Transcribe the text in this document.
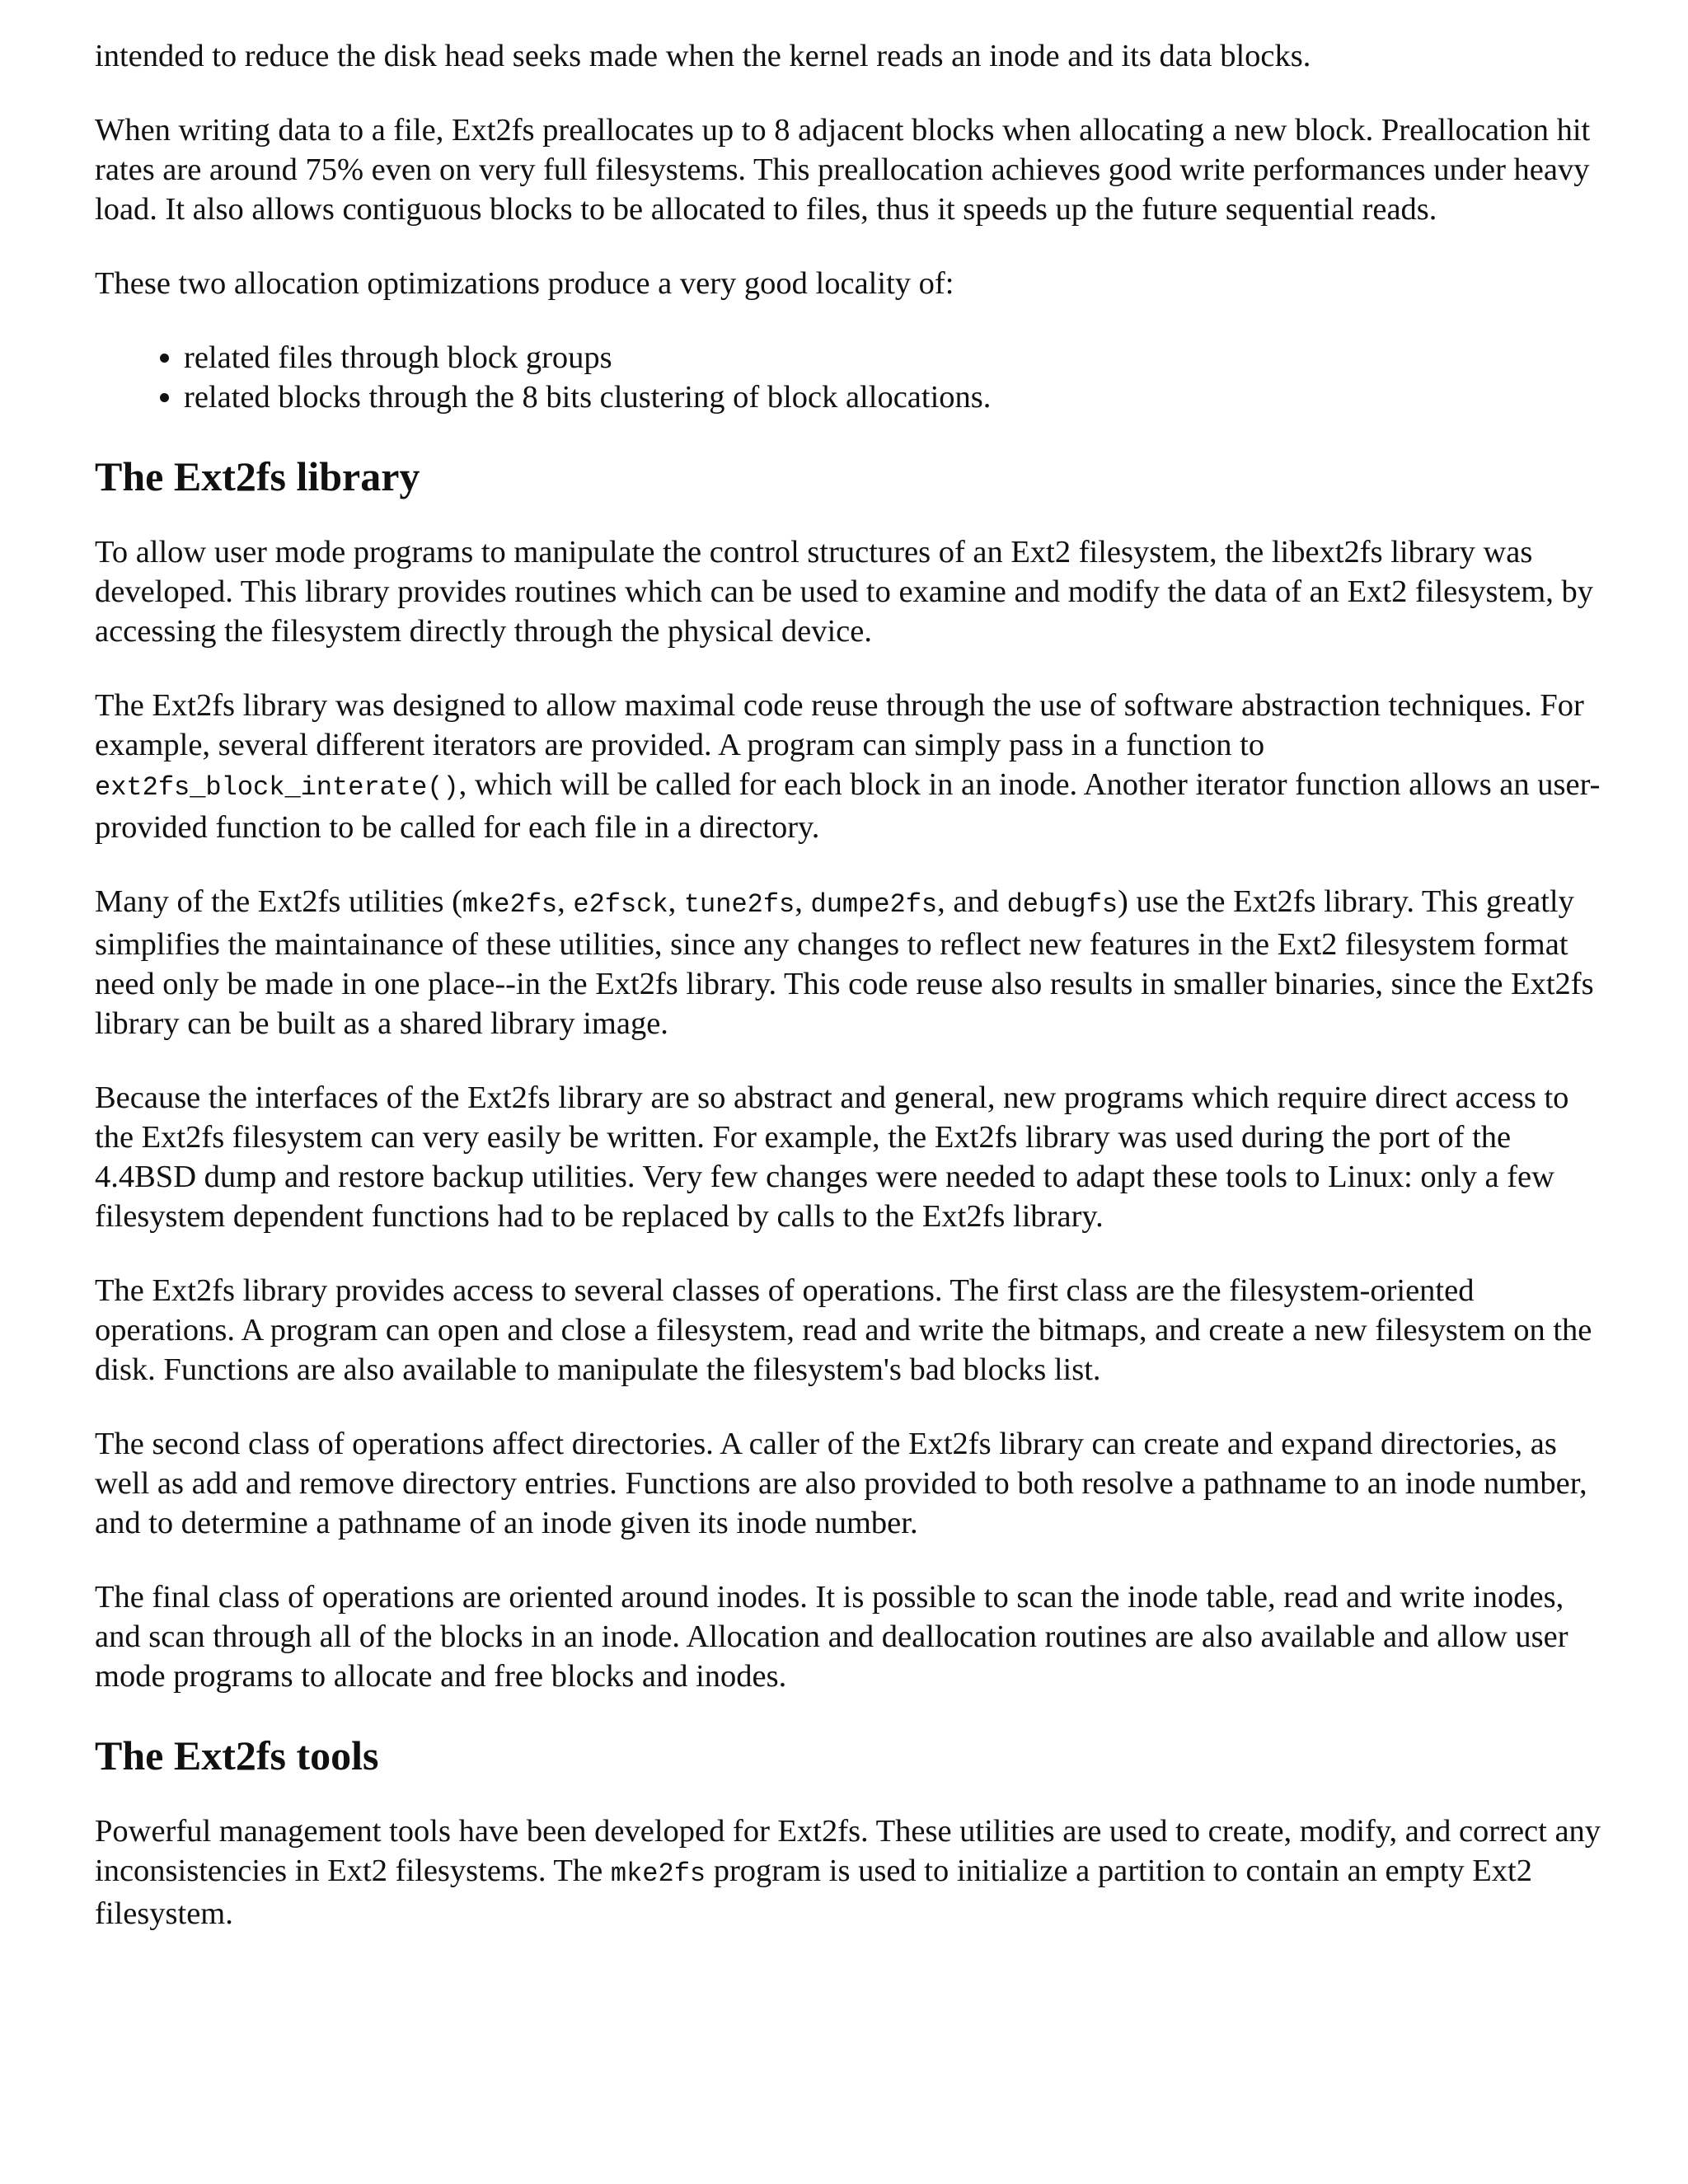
intended to reduce the disk head seeks made when the kernel reads an inode and its data blocks.

When writing data to a file, Ext2fs preallocates up to 8 adjacent blocks when allocating a new block. Preallocation hit rates are around 75% even on very full filesystems. This preallocation achieves good write performances under heavy load. It also allows contiguous blocks to be allocated to files, thus it speeds up the future sequential reads.

These two allocation optimizations produce a very good locality of:

• related files through block groups
• related blocks through the 8 bits clustering of block allocations.
The Ext2fs library

To allow user mode programs to manipulate the control structures of an Ext2 filesystem, the libext2fs library was developed. This library provides routines which can be used to examine and modify the data of an Ext2 filesystem, by accessing the filesystem directly through the physical device.

The Ext2fs library was designed to allow maximal code reuse through the use of software abstraction techniques. For example, several different iterators are provided. A program can simply pass in a function to ext2fs_block_interate(), which will be called for each block in an inode. Another iterator function allows an user-provided function to be called for each file in a directory.

Many of the Ext2fs utilities (mke2fs, e2fsck, tune2fs, dumpe2fs, and debugfs) use the Ext2fs library. This greatly simplifies the maintainance of these utilities, since any changes to reflect new features in the Ext2 filesystem format need only be made in one place--in the Ext2fs library. This code reuse also results in smaller binaries, since the Ext2fs library can be built as a shared library image.

Because the interfaces of the Ext2fs library are so abstract and general, new programs which require direct access to the Ext2fs filesystem can very easily be written. For example, the Ext2fs library was used during the port of the 4.4BSD dump and restore backup utilities. Very few changes were needed to adapt these tools to Linux: only a few filesystem dependent functions had to be replaced by calls to the Ext2fs library.

The Ext2fs library provides access to several classes of operations. The first class are the filesystem-oriented operations. A program can open and close a filesystem, read and write the bitmaps, and create a new filesystem on the disk. Functions are also available to manipulate the filesystem's bad blocks list.

The second class of operations affect directories. A caller of the Ext2fs library can create and expand directories, as well as add and remove directory entries. Functions are also provided to both resolve a pathname to an inode number, and to determine a pathname of an inode given its inode number.

The final class of operations are oriented around inodes. It is possible to scan the inode table, read and write inodes, and scan through all of the blocks in an inode. Allocation and deallocation routines are also available and allow user mode programs to allocate and free blocks and inodes.

The Ext2fs tools

Powerful management tools have been developed for Ext2fs. These utilities are used to create, modify, and correct any inconsistencies in Ext2 filesystems. The mke2fs program is used to initialize a partition to contain an empty Ext2 filesystem.
